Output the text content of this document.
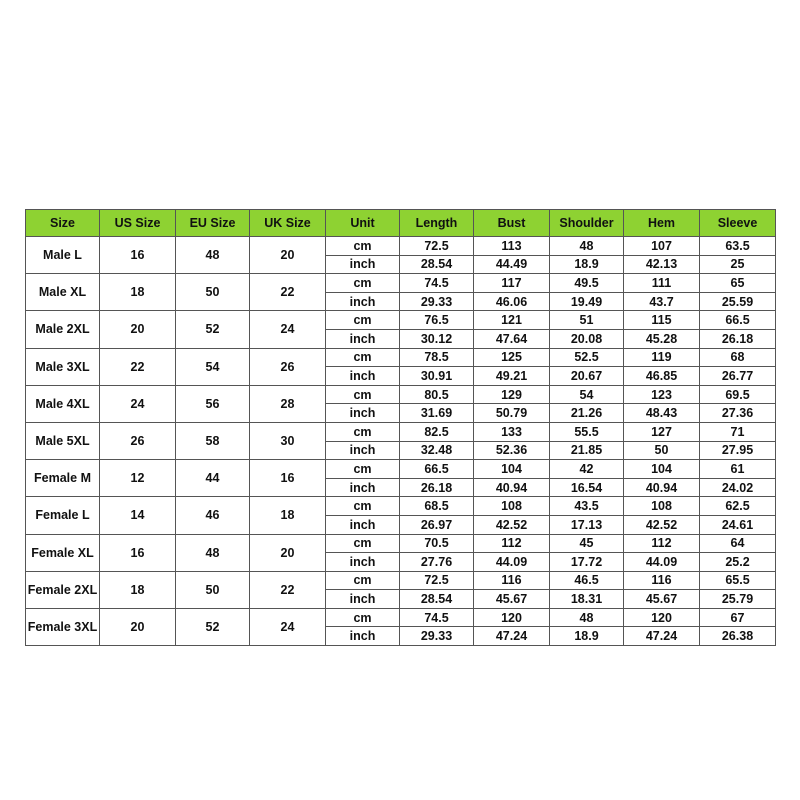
Size	US Size	EU Size	UK Size	Unit	Length	Bust	Shoulder	Hem	Sleeve
Male L	16	48	20	cm	72.5	113	48	107	63.5
				inch	28.54	44.49	18.9	42.13	25
Male XL	18	50	22	cm	74.5	117	49.5	111	65
				inch	29.33	46.06	19.49	43.7	25.59
Male 2XL	20	52	24	cm	76.5	121	51	115	66.5
				inch	30.12	47.64	20.08	45.28	26.18
Male 3XL	22	54	26	cm	78.5	125	52.5	119	68
				inch	30.91	49.21	20.67	46.85	26.77
Male 4XL	24	56	28	cm	80.5	129	54	123	69.5
				inch	31.69	50.79	21.26	48.43	27.36
Male 5XL	26	58	30	cm	82.5	133	55.5	127	71
				inch	32.48	52.36	21.85	50	27.95
Female M	12	44	16	cm	66.5	104	42	104	61
				inch	26.18	40.94	16.54	40.94	24.02
Female L	14	46	18	cm	68.5	108	43.5	108	62.5
				inch	26.97	42.52	17.13	42.52	24.61
Female XL	16	48	20	cm	70.5	112	45	112	64
				inch	27.76	44.09	17.72	44.09	25.2
Female 2XL	18	50	22	cm	72.5	116	46.5	116	65.5
				inch	28.54	45.67	18.31	45.67	25.79
Female 3XL	20	52	24	cm	74.5	120	48	120	67
				inch	29.33	47.24	18.9	47.24	26.38
